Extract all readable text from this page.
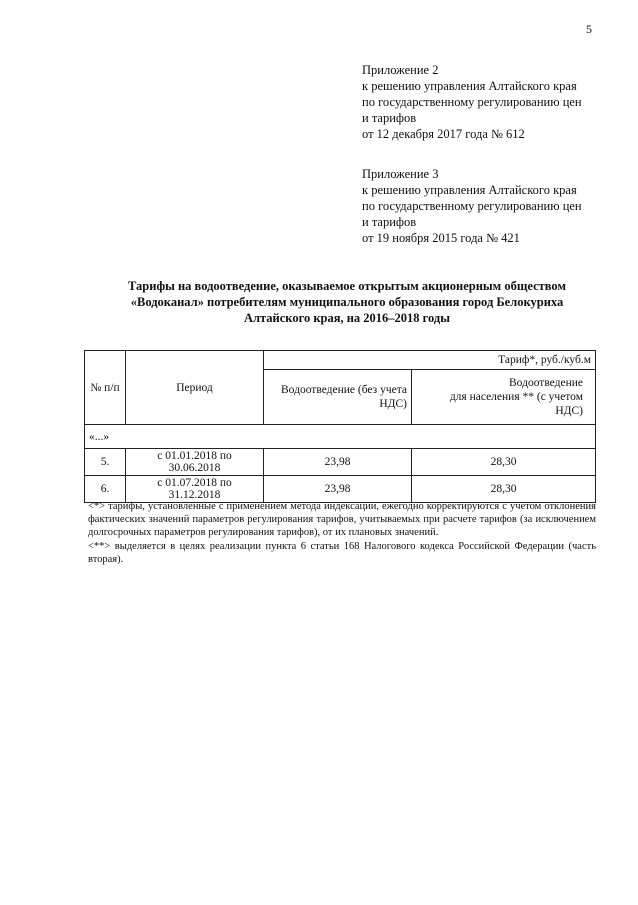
5
Приложение 2
к решению управления Алтайского края
по государственному регулированию цен
и тарифов
от 12 декабря 2017 года № 612
Приложение 3
к решению управления Алтайского края
по государственному регулированию цен
и тарифов
от 19 ноября 2015 года № 421
Тарифы на водоотведение, оказываемое открытым акционерным обществом
«Водоканал» потребителям муниципального образования город Белокуриха
Алтайского края, на 2016–2018 годы
№ п/п	Период	Тариф*, руб./куб.м	
		Водоотведение (без учета НДС)	Водоотведение
для населения ** (с учетом
НДС)
«...»			
5.	с 01.01.2018 по 30.06.2018	23,98	28,30
6.	с 01.07.2018 по 31.12.2018	23,98	28,30

<*> тарифы, установленные с применением метода индексации, ежегодно корректируются с учетом отклонения фактических значений параметров регулирования тарифов, учитываемых при расчете тарифов (за исключением долгосрочных параметров регулирования тарифов), от их плановых значений.

<**> выделяется в целях реализации пункта 6 статьи 168 Налогового кодекса Российской Федерации (часть вторая).
